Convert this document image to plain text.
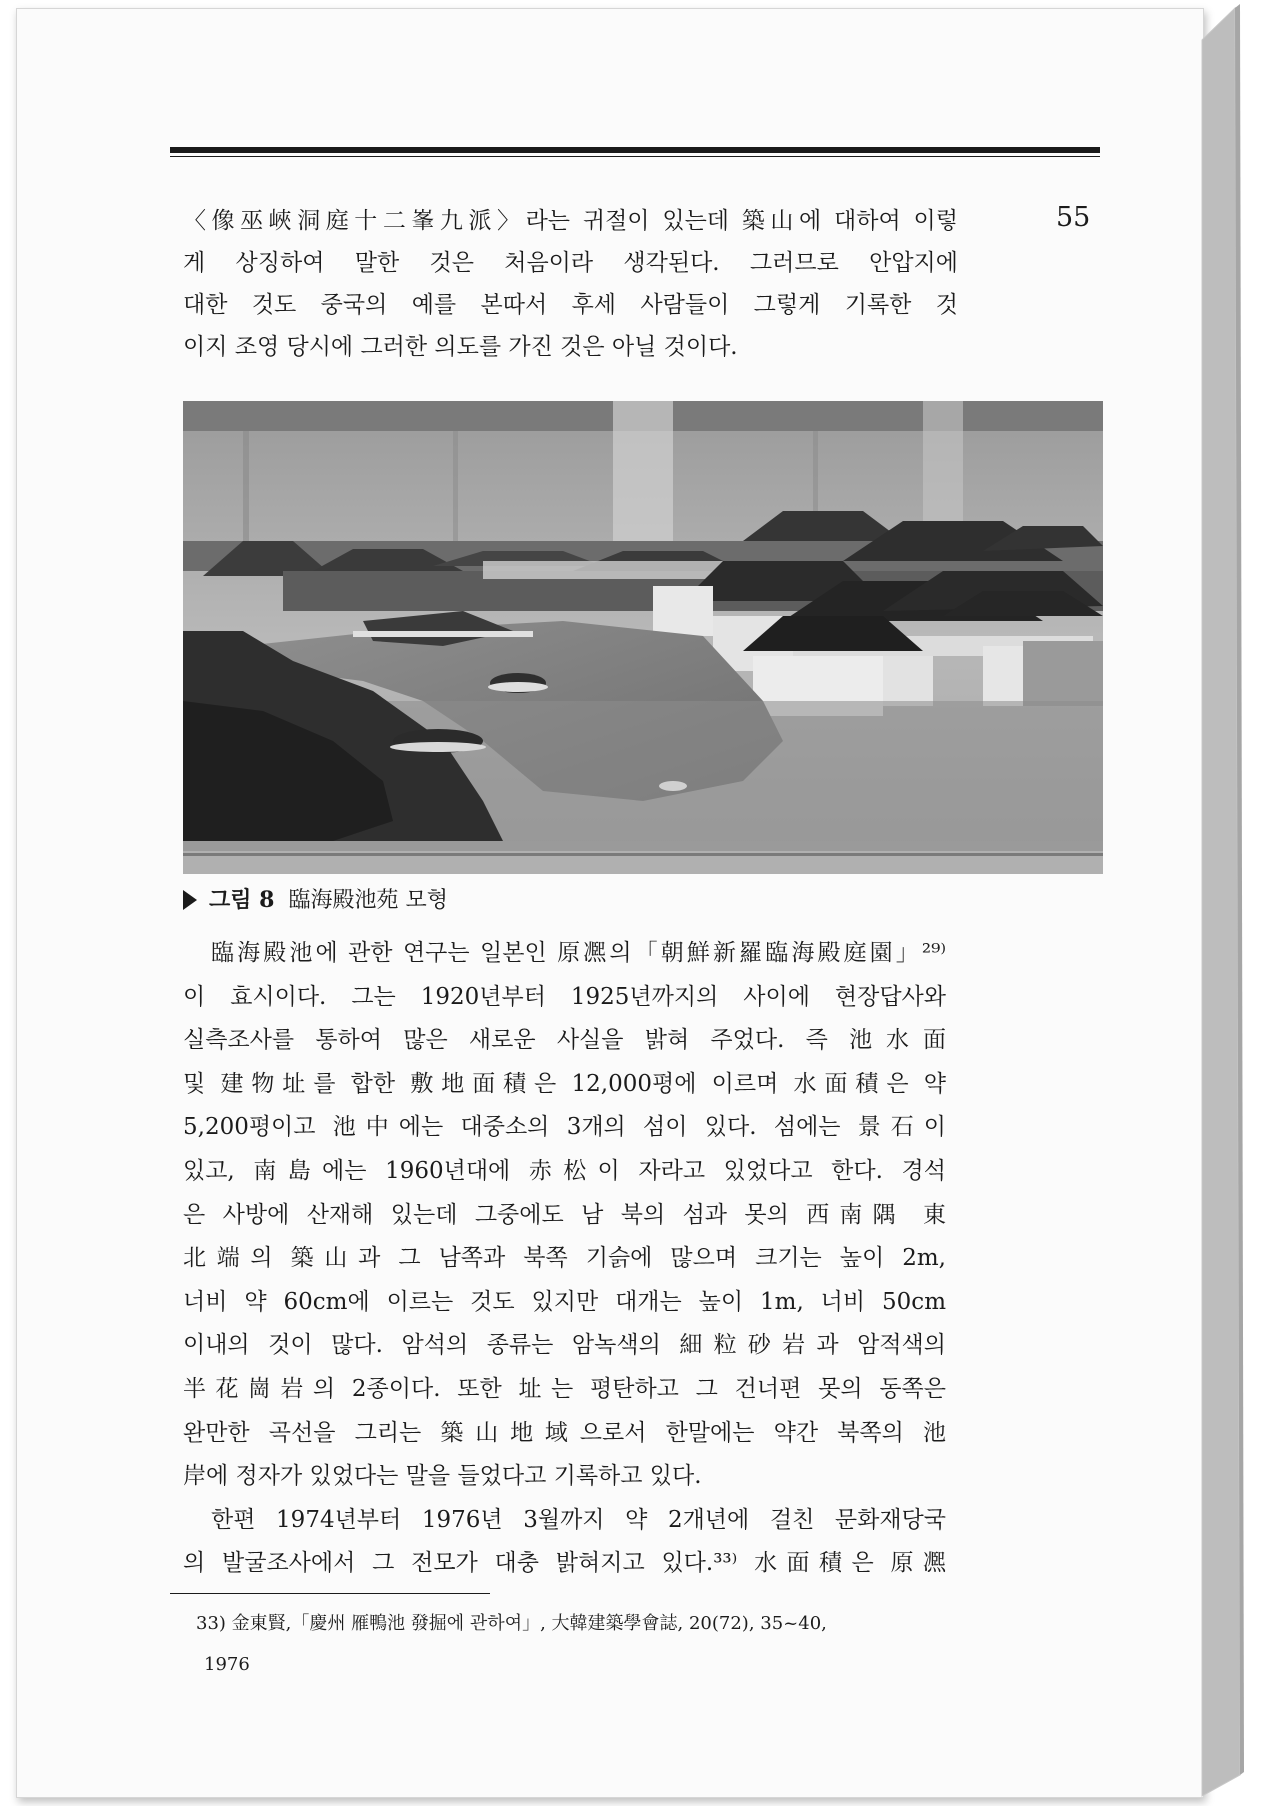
55

〈像巫峽洞庭十二峯九派〉라는 귀절이 있는데 築山에 대하여 이렇

게 상징하여 말한 것은 처음이라 생각된다. 그러므로 안압지에

대한 것도 중국의 예를 본따서 후세 사람들이 그렇게 기록한 것

이지 조영 당시에 그러한 의도를 가진 것은 아닐 것이다.

그림 8 臨海殿池苑 모형

臨海殿池에 관한 연구는 일본인 原凞의「朝鮮新羅臨海殿庭園」²⁹⁾

이 효시이다. 그는 1920년부터 1925년까지의 사이에 현장답사와

실측조사를 통하여 많은 새로운 사실을 밝혀 주었다. 즉 池水面

및 建物址를 합한 敷地面積은 12,000평에 이르며 水面積은 약

5,200평이고 池中에는 대중소의 3개의 섬이 있다. 섬에는 景石이

있고, 南島에는 1960년대에 赤松이 자라고 있었다고 한다. 경석

은 사방에 산재해 있는데 그중에도 남 북의 섬과 못의 西南隅 東

北端의 築山과 그 남쪽과 북쪽 기슭에 많으며 크기는 높이 2m,

너비 약 60cm에 이르는 것도 있지만 대개는 높이 1m, 너비 50cm

이내의 것이 많다. 암석의 종류는 암녹색의 細粒砂岩과 암적색의

半花崗岩의 2종이다. 또한 址는 평탄하고 그 건너편 못의 동쪽은

완만한 곡선을 그리는 築山地域으로서 한말에는 약간 북쪽의 池

岸에 정자가 있었다는 말을 들었다고 기록하고 있다.

한편 1974년부터 1976년 3월까지 약 2개년에 걸친 문화재당국

의 발굴조사에서 그 전모가 대충 밝혀지고 있다.³³⁾ 水面積은 原凞

33) 金東賢,「慶州 雁鴨池 發掘에 관하여」, 大韓建築學會誌, 20(72), 35~40,
1976
